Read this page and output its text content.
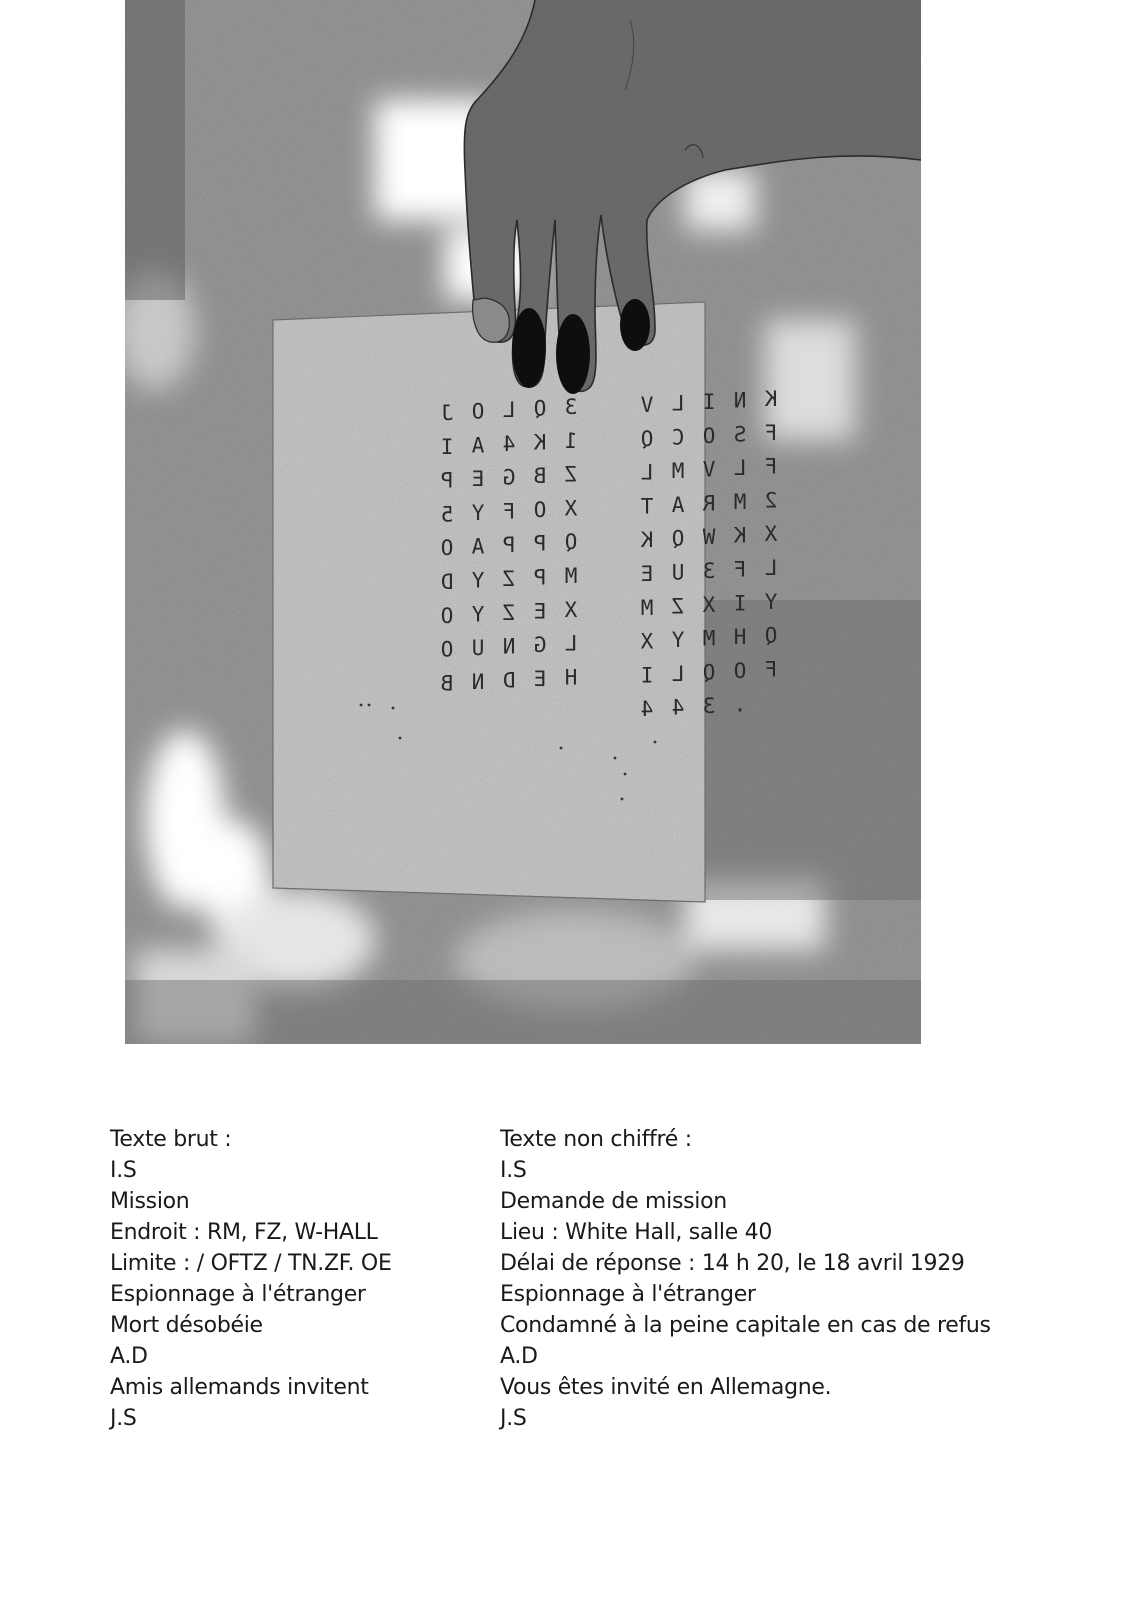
J O L Q 3
I A 4 K 1
P E G B Z
5 Y F O X
O A P P Q
D Y Z P M
O Y Z E X
O U N G L
B N D E H
V L I N K
Q C O S F
L M V L F
T A R M 2
K Q W K X
E U 3 F L
M Z X I Y
X Y M H Q
I L Q O F
4 4 3 .
Texte brut :
I.S
Mission
Endroit : RM, FZ, W-HALL
Limite : / OFTZ / TN.ZF. OE
Espionnage à l'étranger
Mort désobéie
A.D
Amis allemands invitent
J.S
Texte non chiffré :
I.S
Demande de mission
Lieu : White Hall, salle 40
Délai de réponse : 14 h 20, le 18 avril 1929
Espionnage à l'étranger
Condamné à la peine capitale en cas de refus
A.D
Vous êtes invité en Allemagne.
J.S
